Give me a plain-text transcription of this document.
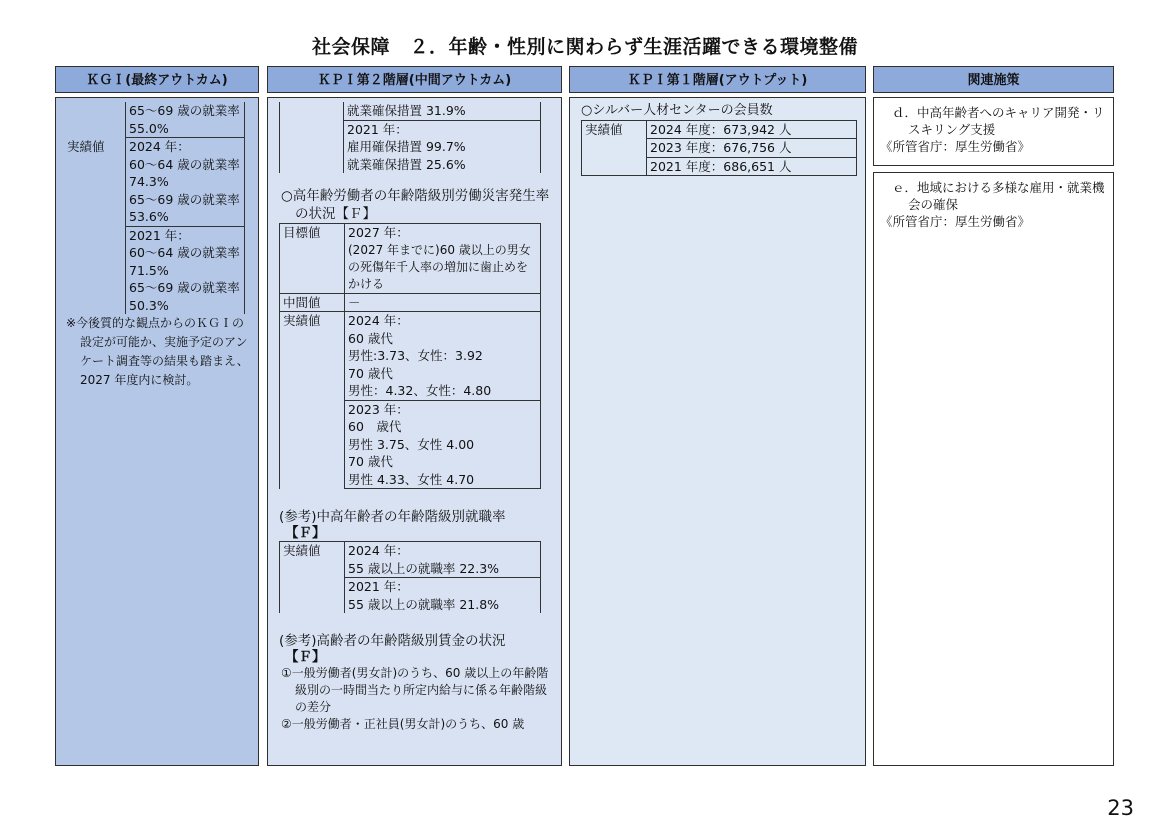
社会保障　２．年齢・性別に関わらず生涯活躍できる環境整備
ＫＧＩ(最終アウトカム)	ＫＰＩ第２階層(中間アウトカム)	ＫＰＩ第１階層(アウトプット)	関連施策

	65～69 歳の就業率 55.0%

実績値	2024 年：
60～64 歳の就業率 74.3%
65～69 歳の就業率 53.6%

	2021 年：
60～64 歳の就業率 71.5%
65～69 歳の就業率 50.3%
※今後質的な観点からのＫＧＩの設定が可能か、実施予定のアンケート調査等の結果も踏まえ、2027 年度内に検討。
	就業確保措置 31.9%

	2021 年：
雇用確保措置 99.7%
就業確保措置 25.6%
○高年齢労働者の年齢階級別労働災害発生率の状況【Ｆ】
目標値	2027 年：
(2027 年までに)60 歳以上の男女の死傷年千人率の増加に歯止めをかける

中間値	－
実績値	2024 年：
60 歳代
男性:3.73、女性：3.92
70 歳代
男性：4.32、女性：4.80

	2023 年：
60　歳代
男性 3.75、女性 4.00
70 歳代
男性 4.33、女性 4.70
(参考)中高年齢者の年齢階級別就職率
【Ｆ】
実績値	2024 年：
55 歳以上の就職率 22.3%

	2021 年：
55 歳以上の就職率 21.8%
(参考)高齢者の年齢階級別賃金の状況
【Ｆ】
①一般労働者(男女計)のうち、60 歳以上の年齢階級別の一時間当たり所定内給与に係る年齢階級の差分
②一般労働者・正社員(男女計)のうち、60 歳
○シルバー人材センターの会員数
実績値	2024 年度：673,942 人
	2023 年度：676,756 人
	2021 年度：686,651 人
ｄ．中高年齢者へのキャリア開発・リスキリング支援
《所管省庁：厚生労働省》
ｅ．地域における多様な雇用・就業機会の確保
《所管省庁：厚生労働省》
23
